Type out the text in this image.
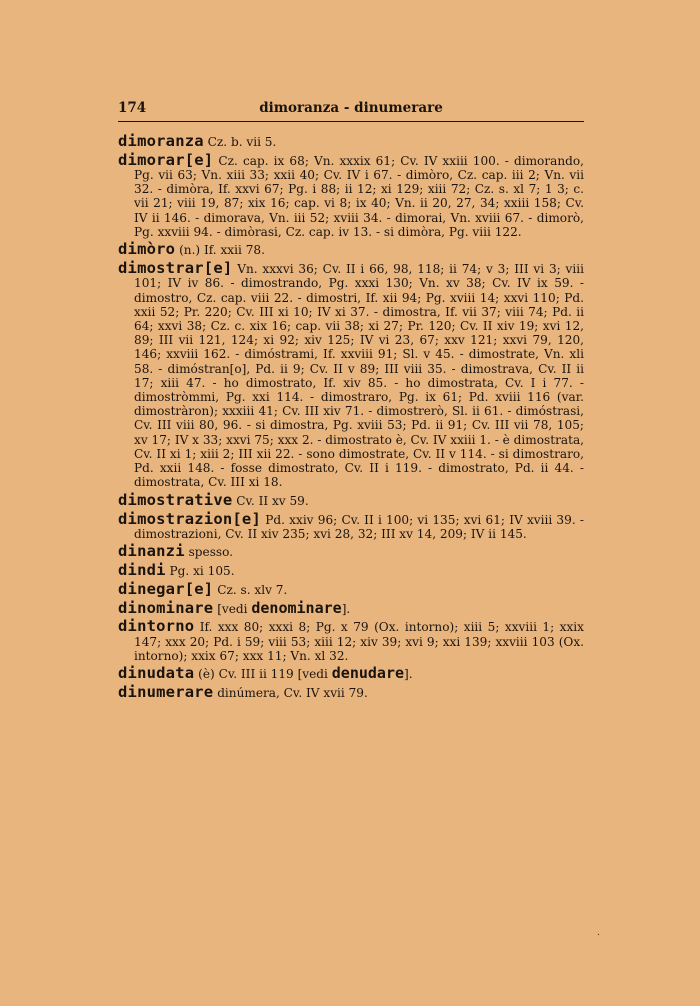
174	dimoranza - dinumerare
dimoranza Cz. b. vii 5.
dimorar[e] Cz. cap. ix 68; Vn. xxxix 61; Cv. IV xxiii 100. - dimorando, Pg. vii 63; Vn. xiii 33; xxii 40; Cv. IV i 67. - dimòro, Cz. cap. iii 2; Vn. vii 32. - dimòra, If. xxvi 67; Pg. i 88; ii 12; xi 129; xiii 72; Cz. s. xl 7; 1 3; c. vii 21; viii 19, 87; xix 16; cap. vi 8; ix 40; Vn. ii 20, 27, 34; xxiii 158; Cv. IV ii 146. - dimorava, Vn. iii 52; xviii 34. - dimorai, Vn. xviii 67. - dimorò, Pg. xxviii 94. - dimòrasi, Cz. cap. iv 13. - si dimòra, Pg. viii 122.
dimòro (n.) If. xxii 78.
dimostrar[e] Vn. xxxvi 36; Cv. II i 66, 98, 118; ii 74; v 3; III vi 3; viii 101; IV iv 86. - dimostrando, Pg. xxxi 130; Vn. xv 38; Cv. IV ix 59. - dimostro, Cz. cap. viii 22. - dimostri, If. xii 94; Pg. xviii 14; xxvi 110; Pd. xxii 52; Pr. 220; Cv. III xi 10; IV xi 37. - dimostra, If. vii 37; viii 74; Pd. ii 64; xxvi 38; Cz. c. xix 16; cap. vii 38; xi 27; Pr. 120; Cv. II xiv 19; xvi 12, 89; III vii 121, 124; xi 92; xiv 125; IV vi 23, 67; xxv 121; xxvi 79, 120, 146; xxviii 162. - dimóstrami, If. xxviii 91; Sl. v 45. - dimostrate, Vn. xli 58. - dimóstran[o], Pd. ii 9; Cv. II v 89; III viii 35. - dimostrava, Cv. II ii 17; xiii 47. - ho dimostrato, If. xiv 85. - ho dimostrata, Cv. I i 77. - dimostròmmi, Pg. xxi 114. - dimostraro, Pg. ix 61; Pd. xviii 116 (var. dimostràron); xxxiii 41; Cv. III xiv 71. - dimostrerò, Sl. ii 61. - dimóstrasi, Cv. III viii 80, 96. - si dimostra, Pg. xviii 53; Pd. ii 91; Cv. III vii 78, 105; xv 17; IV x 33; xxvi 75; xxx 2. - dimostrato è, Cv. IV xxiii 1. - è dimostrata, Cv. II xi 1; xiii 2; III xii 22. - sono dimostrate, Cv. II v 114. - si dimostraro, Pd. xxii 148. - fosse dimostrato, Cv. II i 119. - dimostrato, Pd. ii 44. - dimostrata, Cv. III xi 18.
dimostrative Cv. II xv 59.
dimostrazion[e] Pd. xxiv 96; Cv. II i 100; vi 135; xvi 61; IV xviii 39. - dimostrazioni, Cv. II xiv 235; xvi 28, 32; III xv 14, 209; IV ii 145.
dinanzi spesso.
dindi Pg. xi 105.
dinegar[e] Cz. s. xlv 7.
dinominare [vedi denominare].
dintorno If. xxx 80; xxxi 8; Pg. x 79 (Ox. intorno); xiii 5; xxviii 1; xxix 147; xxx 20; Pd. i 59; viii 53; xiii 12; xiv 39; xvi 9; xxi 139; xxviii 103 (Ox. intorno); xxix 67; xxx 11; Vn. xl 32.
dinudata (è) Cv. III ii 119 [vedi denudare].
dinumerare dinúmera, Cv. IV xvii 79.
.
